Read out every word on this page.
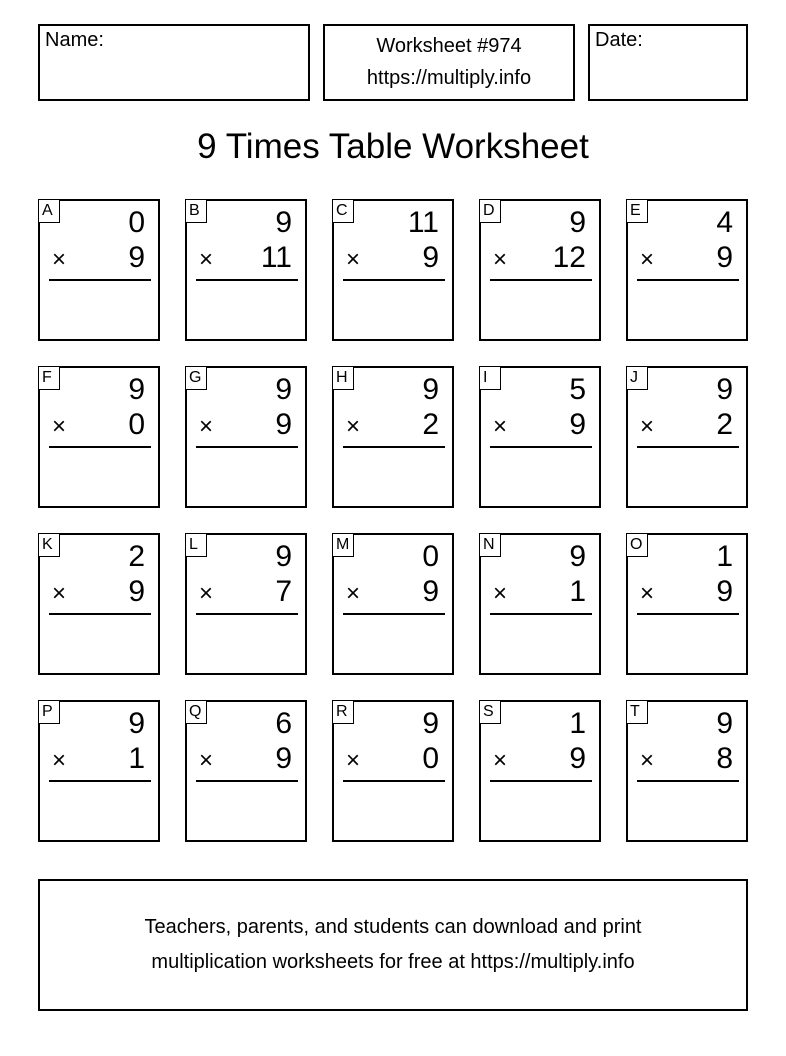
Name:	Worksheet #974
https://multiply.info
Date:
9 Times Table Worksheet
A	0
× 9
B	9
× 11
C 11
× 9
D 9
× 12
E	4
× 9
F	9
× 0
G 9
× 9
H 9
× 2
I	5
× 9
J	9
× 2
K	2
× 9
L	9
× 7
M 0
× 9
N 9
× 1
O 1
× 9
P	9
× 1
Q 6
× 9
R 9
× 0
S	1
× 9
T	9
× 8
Teachers, parents, and students can download and print
multiplication worksheets for free at https://multiply.info
